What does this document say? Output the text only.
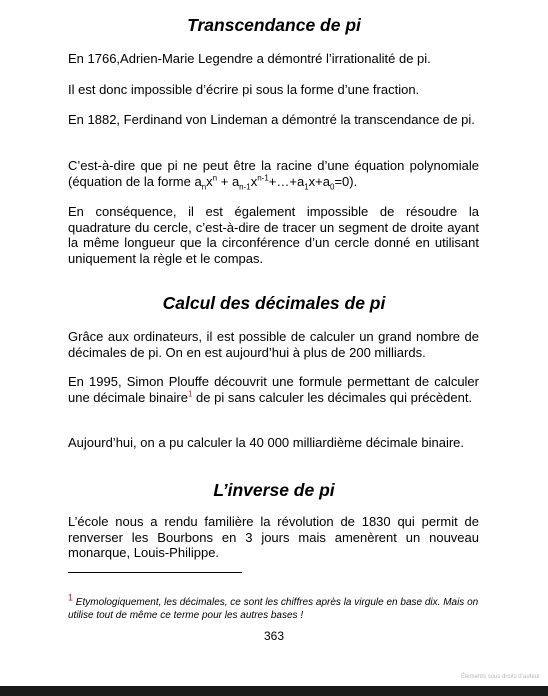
Transcendance de pi

En 1766,Adrien-Marie Legendre a démontré l’irrationalité de pi.

Il est donc impossible d’écrire pi sous la forme d’une fraction.

En 1882, Ferdinand von Lindeman a démontré la transcendance de pi.

C’est-à-dire que pi ne peut être la racine d’une équation polynomiale (équation de la forme $a_nx^n$ + $a_{n-1}x^{n-1}+\dots+a_1x+a_0=0$).

En conséquence, il est également impossible de résoudre la quadrature du cercle, c’est-à-dire de tracer un segment de droite ayant la même longueur que la circonférence d’un cercle donné en utilisant uniquement la règle et le compas.

Calcul des décimales de pi

Grâce aux ordinateurs, il est possible de calculer un grand nombre de décimales de pi. On en est aujourd’hui à plus de 200 milliards.

En 1995, Simon Plouffe découvrit une formule permettant de calculer une décimale binaire$^1$ de pi sans calculer les décimales qui précèdent.

Aujourd’hui, on a pu calculer la 40 000 milliardième décimale binaire.

L’inverse de pi

L’école nous a rendu familière la révolution de 1830 qui permit de renverser les Bourbons en 3 jours mais amenèrent un nouveau monarque, Louis-Philippe.

$^1$ Etymologiquement, les décimales, ce sont les chiffres après la virgule en base dix. Mais on utilise tout de même ce terme pour les autres bases !

363
Éléments sous droits d’auteur
